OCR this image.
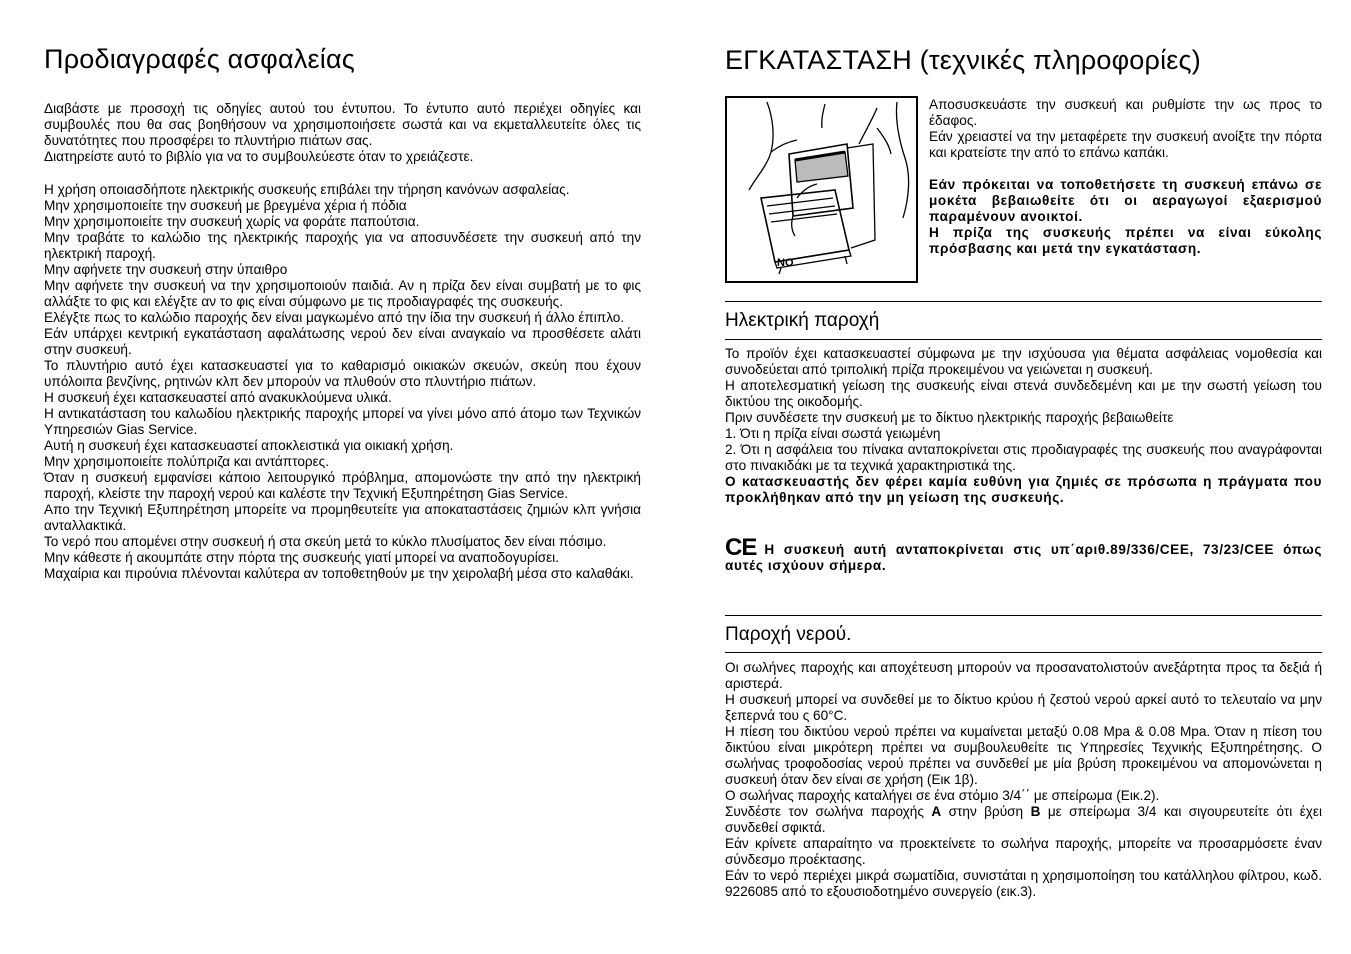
Προδιαγραφές ασφαλείας

Διαβάστε με προσοχή τις οδηγίες αυτού του έντυπου. Το έντυπο αυτό περιέχει οδηγίες και συμβουλές που θα σας βοηθήσουν να χρησιμοποιήσετε σωστά και να εκμεταλλευτείτε όλες τις δυνατότητες που προσφέρει το πλυντήριο πιάτων σας.

Διατηρείστε αυτό το βιβλίο για να το συμβουλεύεστε όταν το χρειάζεστε.

Η χρήση οποιασδήποτε ηλεκτρικής συσκευής επιβάλει την τήρηση κανόνων ασφαλείας.

Μην χρησιμοποιείτε την συσκευή με βρεγμένα χέρια ή πόδια

Μην χρησιμοποιείτε την συσκευή χωρίς να φοράτε παπούτσια.

Μην τραβάτε το καλώδιο της ηλεκτρικής παροχής για να αποσυνδέσετε την συσκευή από την ηλεκτρική παροχή.

Μην αφήνετε την συσκευή στην ύπαιθρο

Μην αφήνετε την συσκευή να την χρησιμοποιούν παιδιά. Αν η πρίζα δεν είναι συμβατή με το φις αλλάξτε το φις και ελέγξτε αν το φις είναι σύμφωνο με τις προδιαγραφές της συσκευής.

Ελέγξτε πως το καλώδιο παροχής δεν είναι μαγκωμένο από την ίδια την συσκευή ή άλλο έπιπλο.

Εάν υπάρχει κεντρική εγκατάσταση αφαλάτωσης νερού δεν είναι αναγκαίο να προσθέσετε αλάτι στην συσκευή.

Το πλυντήριο αυτό έχει κατασκευαστεί για το καθαρισμό οικιακών σκευών, σκεύη που έχουν υπόλοιπα βενζίνης, ρητινών κλπ δεν μπορούν να πλυθούν στο πλυντήριο πιάτων.

Η συσκευή έχει κατασκευαστεί από ανακυκλούμενα υλικά.

Η αντικατάσταση του καλωδίου ηλεκτρικής παροχής μπορεί να γίνει μόνο από άτομο των Τεχνικών Υπηρεσιών Gias Service.

Αυτή η συσκευή έχει κατασκευαστεί αποκλειστικά για οικιακή χρήση.

Μην χρησιμοποιείτε πολύπριζα και αντάπτορες.

Όταν η συσκευή εμφανίσει κάποιο λειτουργικό πρόβλημα, απομονώστε την από την ηλεκτρική παροχή, κλείστε την παροχή νερού και καλέστε την Τεχνική Εξυπηρέτηση Gias Service.

Απο την Τεχνική Εξυπηρέτηση μπορείτε να προμηθευτείτε για αποκαταστάσεις ζημιών κλπ γνήσια ανταλλακτικά.

Το νερό που απομένει στην συσκευή ή στα σκεύη μετά το κύκλο πλυσίματος δεν είναι πόσιμο.

Μην κάθεστε ή ακουμπάτε στην πόρτα της συσκευής γιατί μπορεί να αναποδογυρίσει.

Μαχαίρια και πιρούνια πλένονται καλύτερα αν τοποθετηθούν με την χειρολαβή μέσα στο καλαθάκι.

ΕΓΚΑΤΑΣΤΑΣΗ (τεχνικές πληροφορίες)
NO

Αποσυσκευάστε την συσκευή και ρυθμίστε την ως προς το έδαφος.

Εάν χρειαστεί να την μεταφέρετε την συσκευή ανοίξτε την πόρτα και κρατείστε την από το επάνω καπάκι.

Εάν πρόκειται να τοποθετήσετε τη συσκευή επάνω σε μοκέτα βεβαιωθείτε ότι οι αεραγωγοί εξαερισμού παραμένουν ανοικτοί.

Η πρίζα της συσκευής πρέπει να είναι εύκολης πρόσβασης και μετά την εγκατάσταση.

Ηλεκτρική παροχή

Το προϊόν έχει κατασκευαστεί σύμφωνα με την ισχύουσα για θέματα ασφάλειας νομοθεσία και συνοδεύεται από τριπολική πρίζα προκειμένου να γειώνεται η συσκευή.

Η αποτελεσματική γείωση της συσκευής είναι στενά συνδεδεμένη και με την σωστή γείωση του δικτύου της οικοδομής.

Πριν συνδέσετε την συσκευή με το δίκτυο ηλεκτρικής παροχής βεβαιωθείτε

1. Ότι η πρίζα είναι σωστά γειωμένη

2. Ότι η ασφάλεια του πίνακα ανταποκρίνεται στις προδιαγραφές της συσκευής που αναγράφονται στο πινακιδάκι με τα τεχνικά χαρακτηριστικά της.

Ο κατασκευαστής δεν φέρει καμία ευθύνη για ζημιές σε πρόσωπα η πράγματα που προκλήθηκαν από την μη γείωση της συσκευής.

CE Η συσκευή αυτή ανταποκρίνεται στις υπ΄αριθ.89/336/CEE, 73/23/CEE όπως αυτές ισχύουν σήμερα.

Παροχή νερού.

Οι σωλήνες παροχής και αποχέτευση μπορούν να προσανατολιστούν ανεξάρτητα προς τα δεξιά ή αριστερά.

Η συσκευή μπορεί να συνδεθεί με το δίκτυο κρύου ή ζεστού νερού αρκεί αυτό το τελευταίο να μην ξεπερνά του ς 60°C.

Η πίεση του δικτύου νερού πρέπει να κυμαίνεται μεταξύ 0.08 Mpa & 0.08 Mpa. Όταν η πίεση του δικτύου είναι μικρότερη πρέπει να συμβουλευθείτε τις Υπηρεσίες Τεχνικής Εξυπηρέτησης. Ο σωλήνας τροφοδοσίας νερού πρέπει να συνδεθεί με μία βρύση προκειμένου να απομονώνεται η συσκευή όταν δεν είναι σε χρήση (Εικ 1β).

Ο σωλήνας παροχής καταλήγει σε ένα στόμιο 3/4΄΄ με σπείρωμα (Εικ.2).

Συνδέστε τον σωλήνα παροχής A στην βρύση B με σπείρωμα 3/4 και σιγουρευτείτε ότι έχει συνδεθεί σφικτά.

Εάν κρίνετε απαραίτητο να προεκτείνετε το σωλήνα παροχής, μπορείτε να προσαρμόσετε έναν σύνδεσμο προέκτασης.

Εάν το νερό περιέχει μικρά σωματίδια, συνιστάται η χρησιμοποίηση του κατάλληλου φίλτρου, κωδ. 9226085 από το εξουσιοδοτημένο συνεργείο (εικ.3).
